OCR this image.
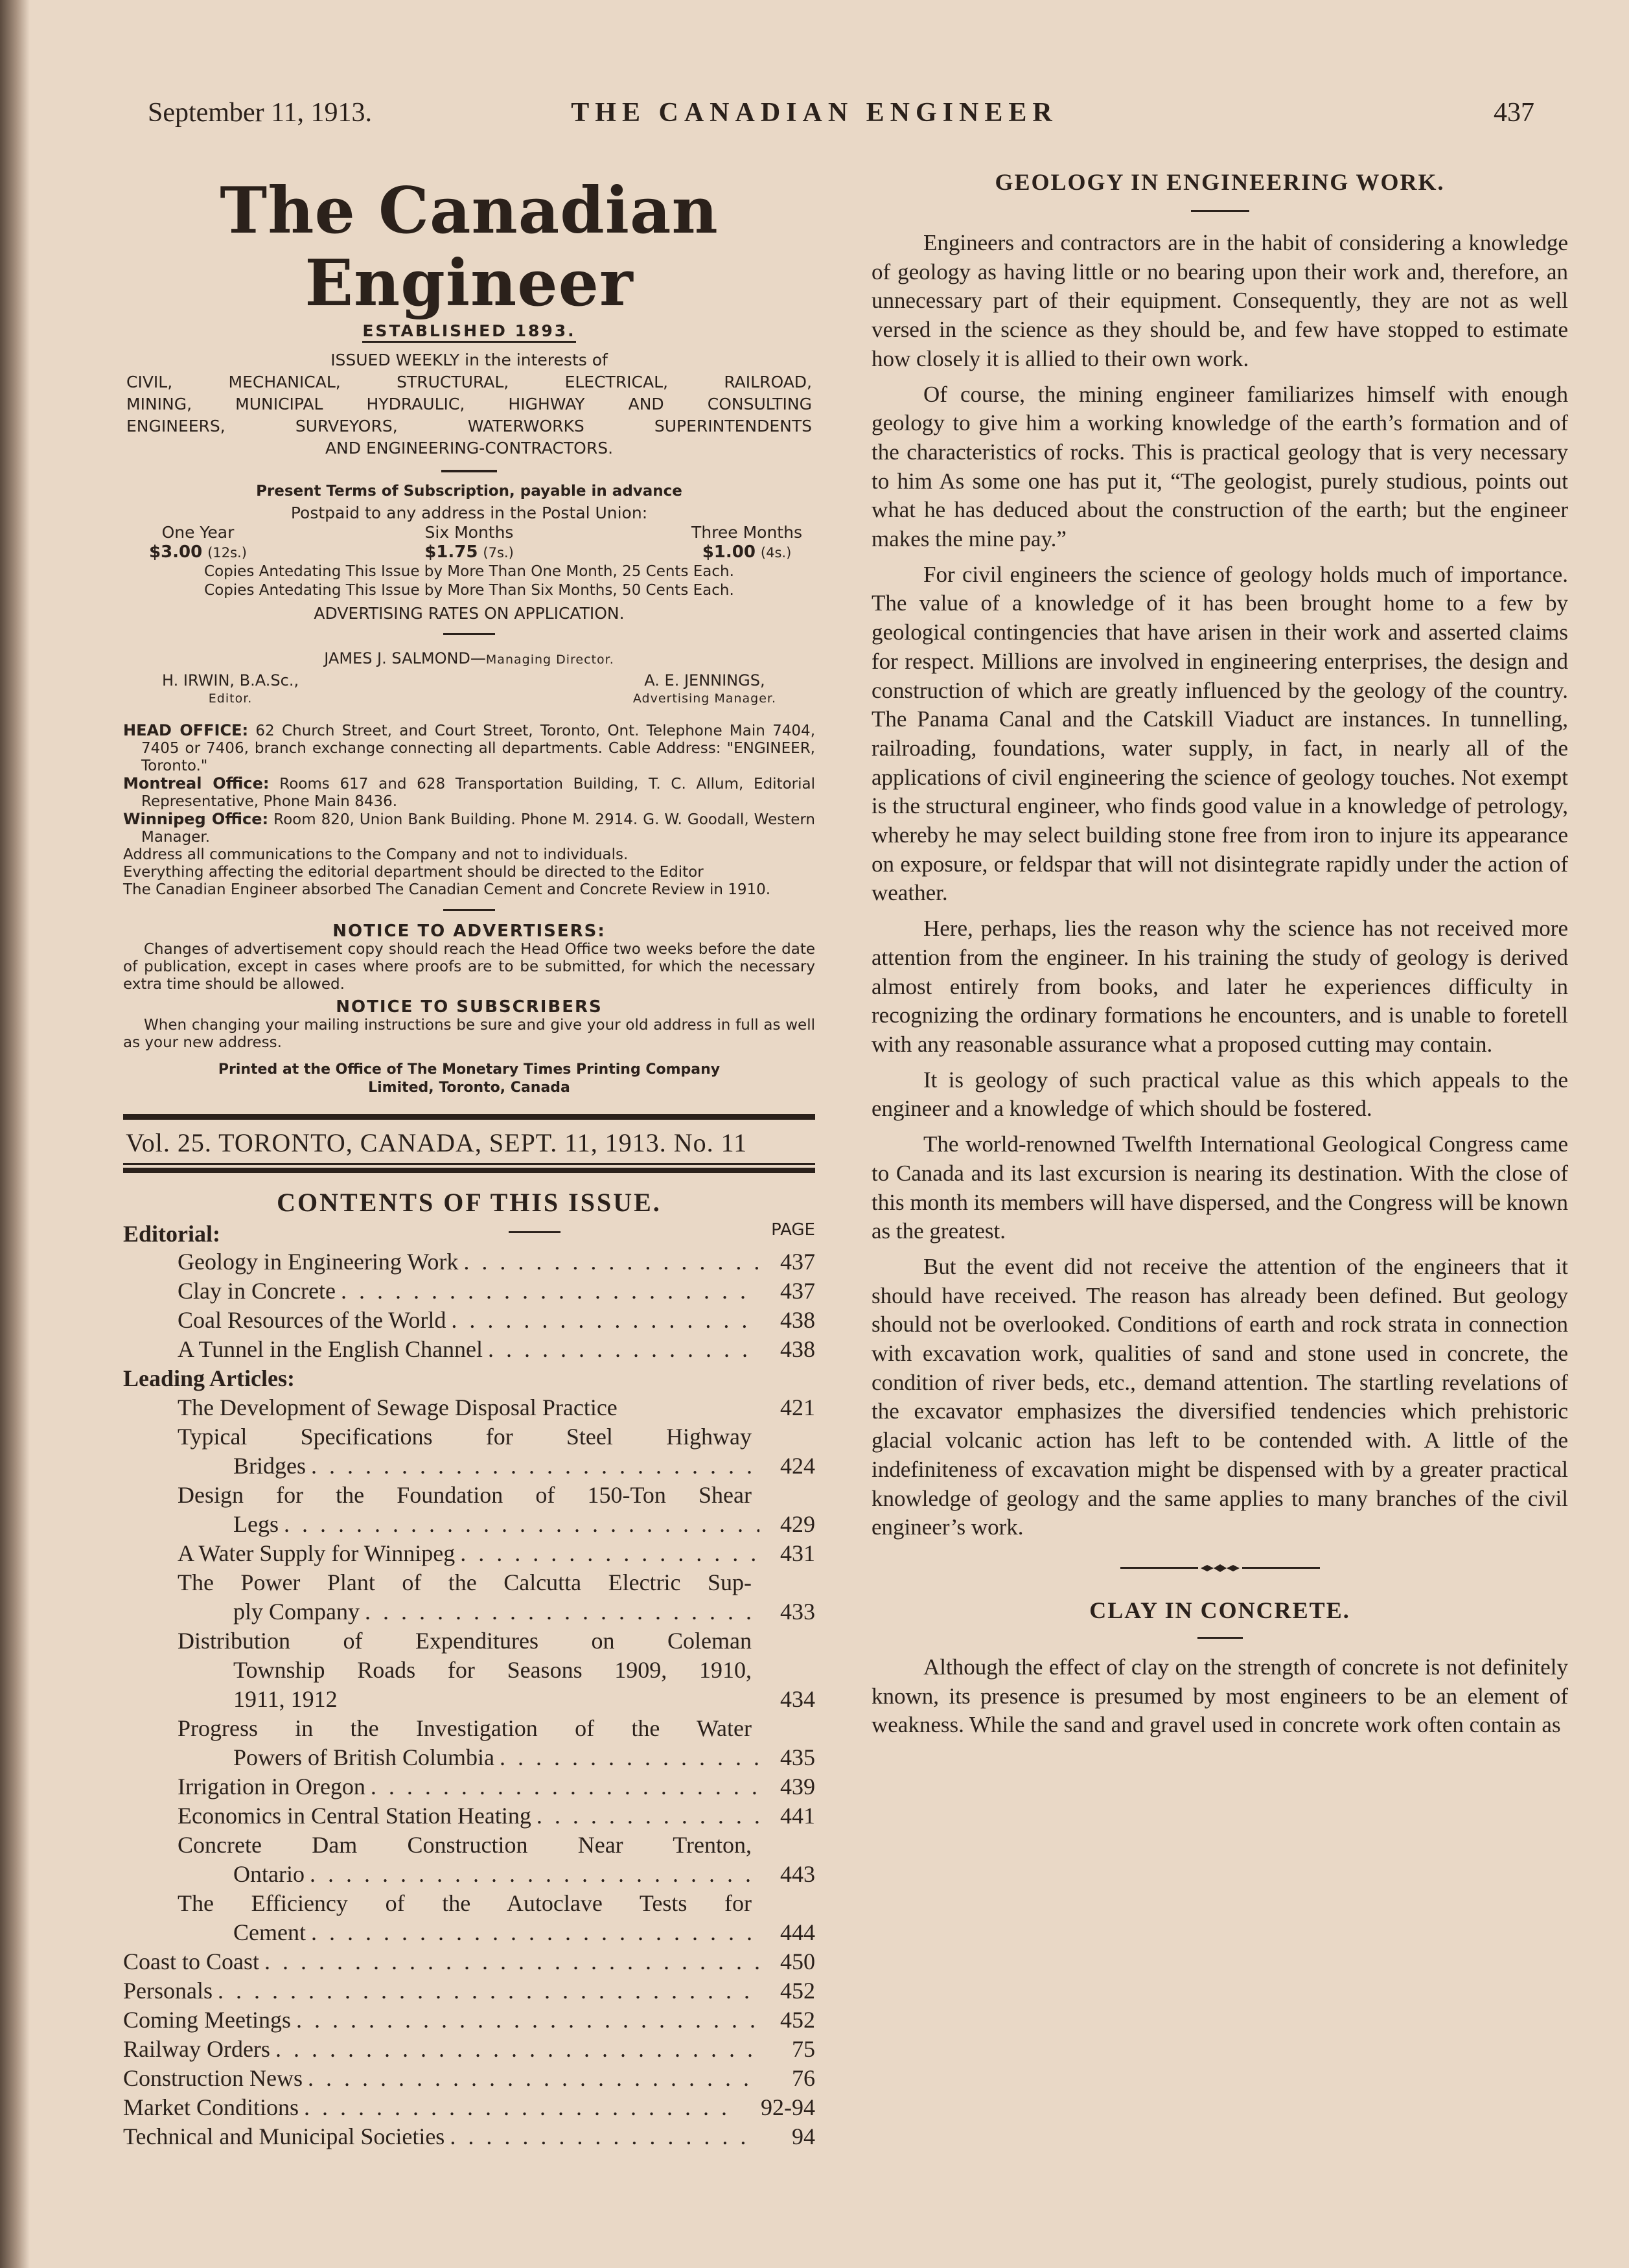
September 11, 1913.	THE CANADIAN ENGINEER	437
The Canadian Engineer
ESTABLISHED 1893.
ISSUED WEEKLY in the interests of
CIVIL, MECHANICAL, STRUCTURAL, ELECTRICAL, RAILROAD,
MINING, MUNICIPAL HYDRAULIC, HIGHWAY AND CONSULTING
ENGINEERS, SURVEYORS, WATERWORKS SUPERINTENDENTS
AND ENGINEERING-CONTRACTORS.
Present Terms of Subscription, payable in advance
Postpaid to any address in the Postal Union:
One Year
$3.00 (12s.)
Six Months
$1.75 (7s.)
Three Months
$1.00 (4s.)
Copies Antedating This Issue by More Than One Month, 25 Cents Each.
Copies Antedating This Issue by More Than Six Months, 50 Cents Each.
ADVERTISING RATES ON APPLICATION.
JAMES J. SALMOND—Managing Director.
H. IRWIN, B.A.Sc.,
Editor.
A. E. JENNINGS,
Advertising Manager.

HEAD OFFICE: 62 Church Street, and Court Street, Toronto, Ont. Telephone Main 7404, 7405 or 7406, branch exchange connecting all departments. Cable Address: "ENGINEER, Toronto."

Montreal Office: Rooms 617 and 628 Transportation Building, T. C. Allum, Editorial Representative, Phone Main 8436.

Winnipeg Office: Room 820, Union Bank Building. Phone M. 2914. G. W. Goodall, Western Manager.

Address all communications to the Company and not to individuals.

Everything affecting the editorial department should be directed to the Editor

The Canadian Engineer absorbed The Canadian Cement and Concrete Review in 1910.

NOTICE TO ADVERTISERS:

Changes of advertisement copy should reach the Head Office two weeks before the date of publication, except in cases where proofs are to be submitted, for which the necessary extra time should be allowed.

NOTICE TO SUBSCRIBERS

When changing your mailing instructions be sure and give your old address in full as well as your new address.

Printed at the Office of The Monetary Times Printing Company
Limited, Toronto, Canada
Vol. 25. TORONTO, CANADA, SEPT. 11, 1913. No. 11
CONTENTS OF THIS ISSUE.
Editorial:	PAGE
Geology in Engineering Work . . .	437
Clay in Concrete . . .	437
Coal Resources of the World . . .	438
A Tunnel in the English Channel . . .	438
Leading Articles:
The Development of Sewage Disposal Practice	421
Typical Specifications for Steel Highway
Bridges . . .	424
Design for the Foundation of 150-Ton Shear
Legs . . .	429
A Water Supply for Winnipeg . . .	431
The Power Plant of the Calcutta Electric Sup-
ply Company . . .	433
Distribution of Expenditures on Coleman
Township Roads for Seasons 1909, 1910,
1911, 1912	434
Progress in the Investigation of the Water
Powers of British Columbia . . .	435
Irrigation in Oregon . . .	439
Economics in Central Station Heating . . .	441
Concrete Dam Construction Near Trenton,
Ontario . . .	443
The Efficiency of the Autoclave Tests for
Cement . . .	444
Coast to Coast . . .	450
Personals . . .	452
Coming Meetings . . .	452
Railway Orders . . .	75
Construction News . . .	76
Market Conditions . . .	92-94
Technical and Municipal Societies . . .	94
GEOLOGY IN ENGINEERING WORK.

Engineers and contractors are in the habit of considering a knowledge of geology as having little or no bearing upon their work and, therefore, an unnecessary part of their equipment. Consequently, they are not as well versed in the science as they should be, and few have stopped to estimate how closely it is allied to their own work.

Of course, the mining engineer familiarizes himself with enough geology to give him a working knowledge of the earth’s formation and of the characteristics of rocks. This is practical geology that is very necessary to him As some one has put it, “The geologist, purely studious, points out what he has deduced about the construction of the earth; but the engineer makes the mine pay.”

For civil engineers the science of geology holds much of importance. The value of a knowledge of it has been brought home to a few by geological contingencies that have arisen in their work and asserted claims for respect. Millions are involved in engineering enterprises, the design and construction of which are greatly influenced by the geology of the country. The Panama Canal and the Catskill Viaduct are instances. In tunnelling, railroading, foundations, water supply, in fact, in nearly all of the applications of civil engineering the science of geology touches. Not exempt is the structural engineer, who finds good value in a knowledge of petrology, whereby he may select building stone free from iron to injure its appearance on exposure, or feldspar that will not disintegrate rapidly under the action of weather.

Here, perhaps, lies the reason why the science has not received more attention from the engineer. In his training the study of geology is derived almost entirely from books, and later he experiences difficulty in recognizing the ordinary formations he encounters, and is unable to foretell with any reasonable assurance what a proposed cutting may contain.

It is geology of such practical value as this which appeals to the engineer and a knowledge of which should be fostered.

The world-renowned Twelfth International Geological Congress came to Canada and its last excursion is nearing its destination. With the close of this month its members will have dispersed, and the Congress will be known as the greatest.

But the event did not receive the attention of the engineers that it should have received. The reason has already been defined. But geology should not be overlooked. Conditions of earth and rock strata in connection with excavation work, qualities of sand and stone used in concrete, the condition of river beds, etc., demand attention. The startling revelations of the excavator emphasizes the diversified tendencies which prehistoric glacial volcanic action has left to be contended with. A little of the indefiniteness of excavation might be dispensed with by a greater practical knowledge of geology and the same applies to many branches of the civil engineer’s work.

CLAY IN CONCRETE.

Although the effect of clay on the strength of concrete is not definitely known, its presence is presumed by most engineers to be an element of weakness. While the sand and gravel used in concrete work often contain as
